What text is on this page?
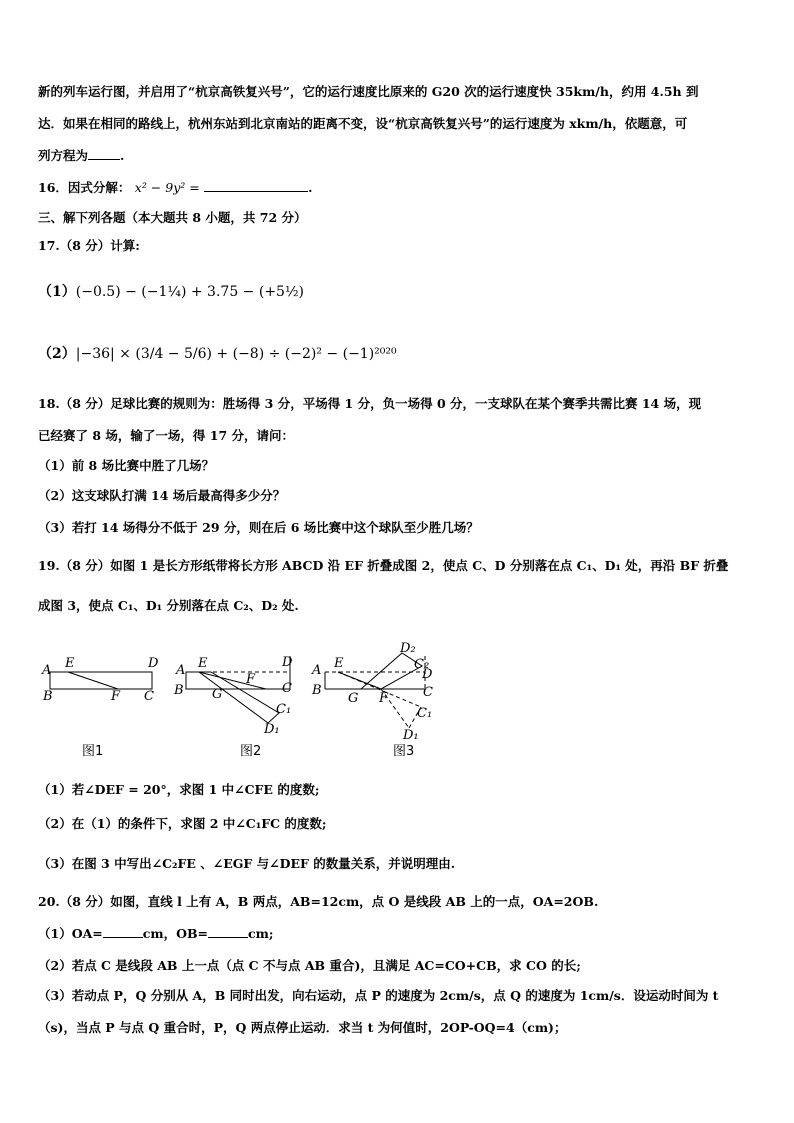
新的列车运行图，并启用了“杭京高铁复兴号”，它的运行速度比原来的 G20 次的运行速度快 35km/h，约用 4.5h 到
达．如果在相同的路线上，杭州东站到北京南站的距离不变，设“杭京高铁复兴号”的运行速度为 xkm/h，依题意，可
列方程为	.
16．因式分解： x² − 9y² =	.
三、解下列各题（本大题共 8 小题，共 72 分）
17.（8 分）计算:
（1）(−0.5) − (−1¼) + 3.75 − (+5½)
（2）|−36| × (3/4 − 5/6) + (−8) ÷ (−2)² − (−1)²⁰²⁰
18.（8 分）足球比赛的规则为：胜场得 3 分，平场得 1 分，负一场得 0 分，一支球队在某个赛季共需比赛 14 场，现
已经赛了 8 场，输了一场，得 17 分，请问：
（1）前 8 场比赛中胜了几场？
（2）这支球队打满 14 场后最高得多少分？
（3）若打 14 场得分不低于 29 分，则在后 6 场比赛中这个球队至少胜几场？
19.（8 分）如图 1 是长方形纸带将长方形 ABCD 沿 EF 折叠成图 2，使点 C、D 分别落在点 C₁、D₁ 处，再沿 BF 折叠
成图 3，使点 C₁、D₁ 分别落在点 C₂、D₂ 处.
A E	D
B	F C
A E	D
B
F
C
G
C₁
D₁
A E
B
G F
D₂
C₂
D
C
C₁
D₁
图1	图2	图3
（1）若∠DEF = 20°，求图 1 中∠CFE 的度数;
（2）在（1）的条件下，求图 2 中∠C₁FC 的度数;
（3）在图 3 中写出∠C₂FE 、∠EGF 与∠DEF 的数量关系，并说明理由.
20.（8 分）如图，直线 l 上有 A，B 两点，AB=12cm，点 O 是线段 AB 上的一点，OA=2OB.
（1）OA=	cm，OB=	cm;
（2）若点 C 是线段 AB 上一点（点 C 不与点 AB 重合)，且满足 AC=CO+CB，求 CO 的长;
（3）若动点 P，Q 分别从 A，B 同时出发，向右运动，点 P 的速度为 2cm/s，点 Q 的速度为 1cm/s．设运动时间为 t
（s)，当点 P 与点 Q 重合时，P，Q 两点停止运动．求当 t 为何值时，2OP-OQ=4（cm)；
